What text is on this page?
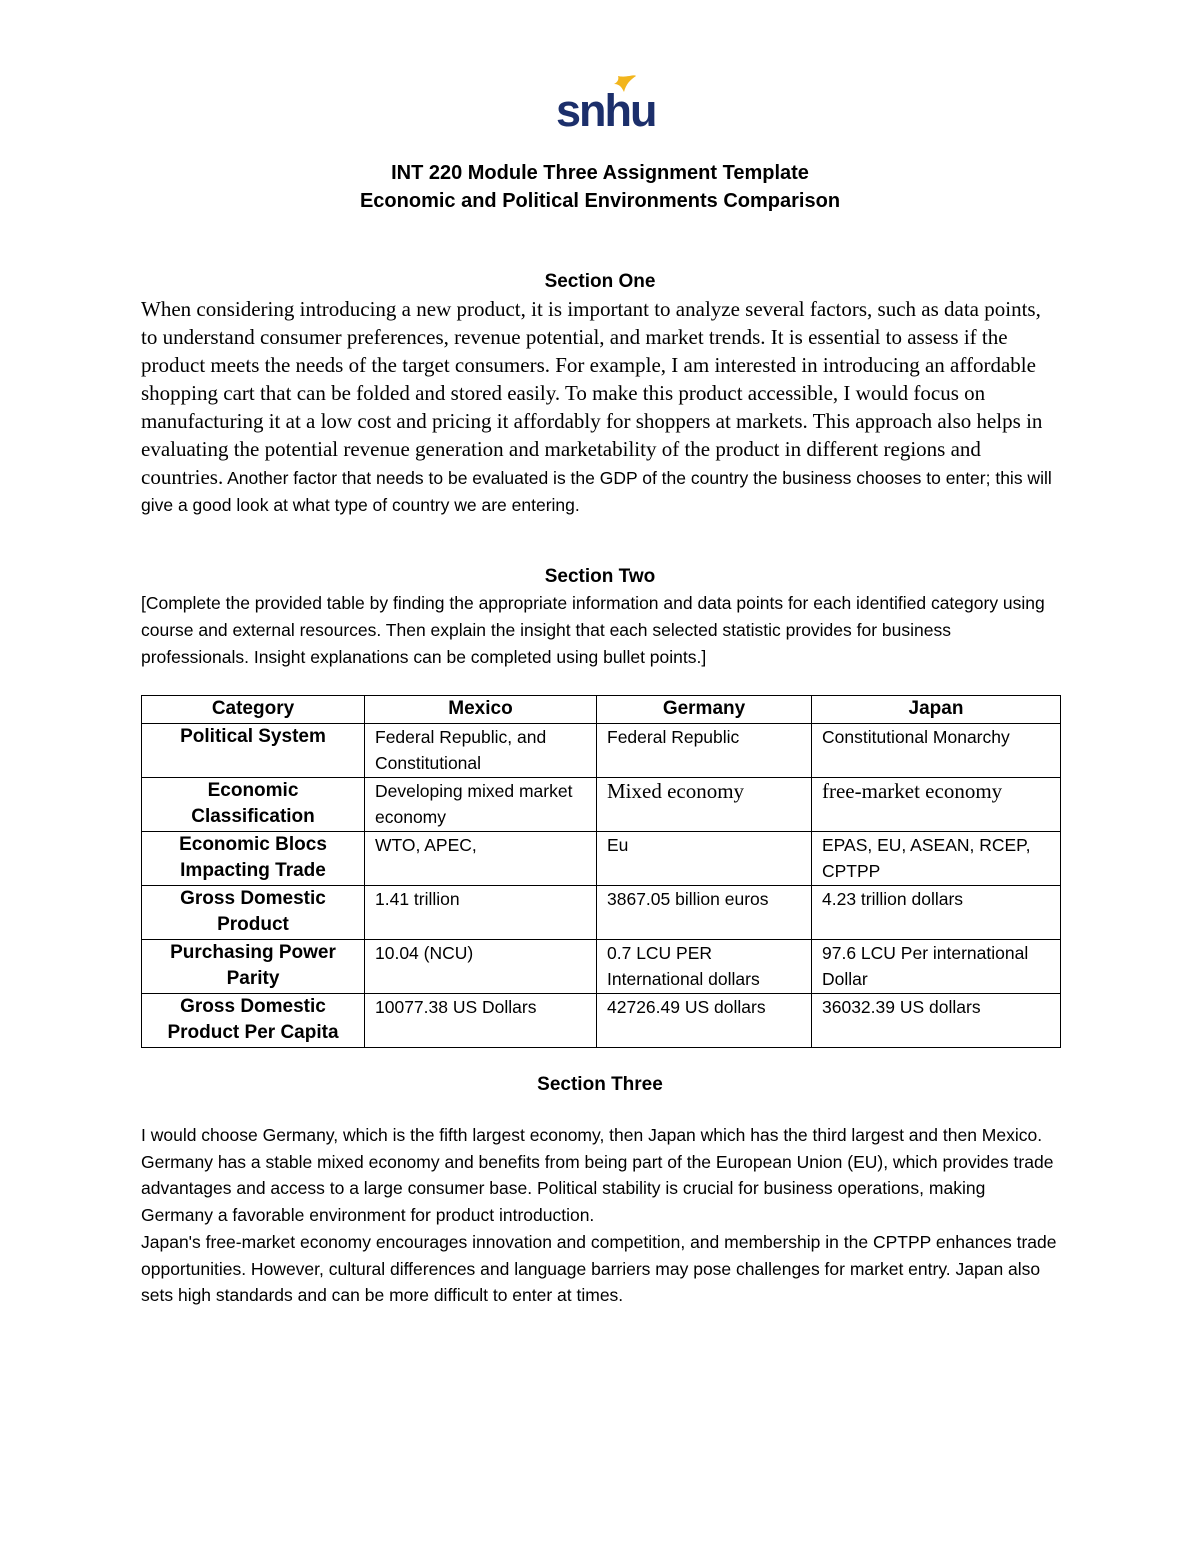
snhu
INT 220 Module Three Assignment Template
Economic and Political Environments Comparison
Section One
When considering introducing a new product, it is important to analyze several factors, such as data points, to understand consumer preferences, revenue potential, and market trends. It is essential to assess if the product meets the needs of the target consumers. For example, I am interested in introducing an affordable shopping cart that can be folded and stored easily. To make this product accessible, I would focus on manufacturing it at a low cost and pricing it affordably for shoppers at markets. This approach also helps in evaluating the potential revenue generation and marketability of the product in different regions and countries. Another factor that needs to be evaluated is the GDP of the country the business chooses to enter; this will give a good look at what type of country we are entering.
Section Two
[Complete the provided table by finding the appropriate information and data points for each identified category using course and external resources. Then explain the insight that each selected statistic provides for business professionals. Insight explanations can be completed using bullet points.]
Category	Mexico	Germany	Japan
Political System	Federal Republic, and Constitutional	Federal Republic	Constitutional Monarchy
Economic Classification	Developing mixed market economy	Mixed economy	free-market economy
Economic Blocs Impacting Trade	WTO, APEC,	Eu	EPAS, EU, ASEAN, RCEP, CPTPP
Gross Domestic Product	1.41 trillion	3867.05 billion euros	4.23 trillion dollars
Purchasing Power Parity	10.04 (NCU)	0.7 LCU PER International dollars	97.6 LCU Per international Dollar
Gross Domestic Product Per Capita	10077.38 US Dollars	42726.49 US dollars	36032.39 US dollars
Section Three

I would choose Germany, which is the fifth largest economy, then Japan which has the third largest and then Mexico.

Germany has a stable mixed economy and benefits from being part of the European Union (EU), which provides trade advantages and access to a large consumer base. Political stability is crucial for business operations, making Germany a favorable environment for product introduction.

Japan's free-market economy encourages innovation and competition, and membership in the CPTPP enhances trade opportunities. However, cultural differences and language barriers may pose challenges for market entry. Japan also sets high standards and can be more difficult to enter at times.
